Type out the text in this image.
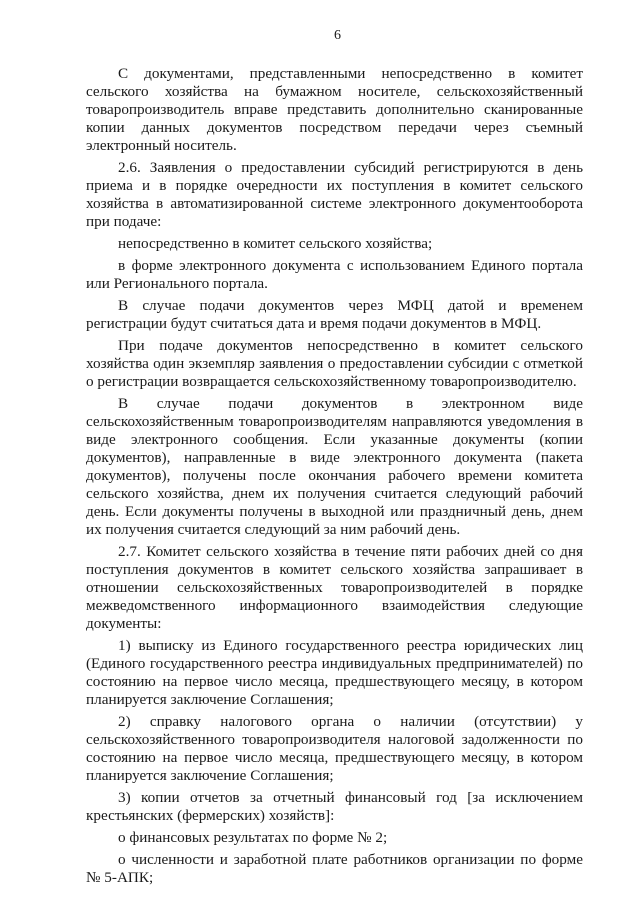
6

С документами, представленными непосредственно в комитет сельского хозяйства на бумажном носителе, сельскохозяйственный товаропроизводитель вправе представить дополнительно сканированные копии данных документов посредством передачи через съемный электронный носитель.

2.6. Заявления о предоставлении субсидий регистрируются в день приема и в порядке очередности их поступления в комитет сельского хозяйства в автоматизированной системе электронного документооборота при подаче:

непосредственно в комитет сельского хозяйства;

в форме электронного документа с использованием Единого портала или Регионального портала.

В случае подачи документов через МФЦ датой и временем регистрации будут считаться дата и время подачи документов в МФЦ.

При подаче документов непосредственно в комитет сельского хозяйства один экземпляр заявления о предоставлении субсидии с отметкой о регистрации возвращается сельскохозяйственному товаропроизводителю.

В случае подачи документов в электронном виде сельскохозяйственным товаропроизводителям направляются уведомления в виде электронного сообщения. Если указанные документы (копии документов), направленные в виде электронного документа (пакета документов), получены после окончания рабочего времени комитета сельского хозяйства, днем их получения считается следующий рабочий день. Если документы получены в выходной или праздничный день, днем их получения считается следующий за ним рабочий день.

2.7. Комитет сельского хозяйства в течение пяти рабочих дней со дня поступления документов в комитет сельского хозяйства запрашивает в отношении сельскохозяйственных товаропроизводителей в порядке межведомственного информационного взаимодействия следующие документы:

1) выписку из Единого государственного реестра юридических лиц (Единого государственного реестра индивидуальных предпринимателей) по состоянию на первое число месяца, предшествующего месяцу, в котором планируется заключение Соглашения;

2) справку налогового органа о наличии (отсутствии) у сельскохозяйственного товаропроизводителя налоговой задолженности по состоянию на первое число месяца, предшествующего месяцу, в котором планируется заключение Соглашения;

3) копии отчетов за отчетный финансовый год [за исключением крестьянских (фермерских) хозяйств]:

о финансовых результатах по форме № 2;

о численности и заработной плате работников организации по форме № 5-АПК;
